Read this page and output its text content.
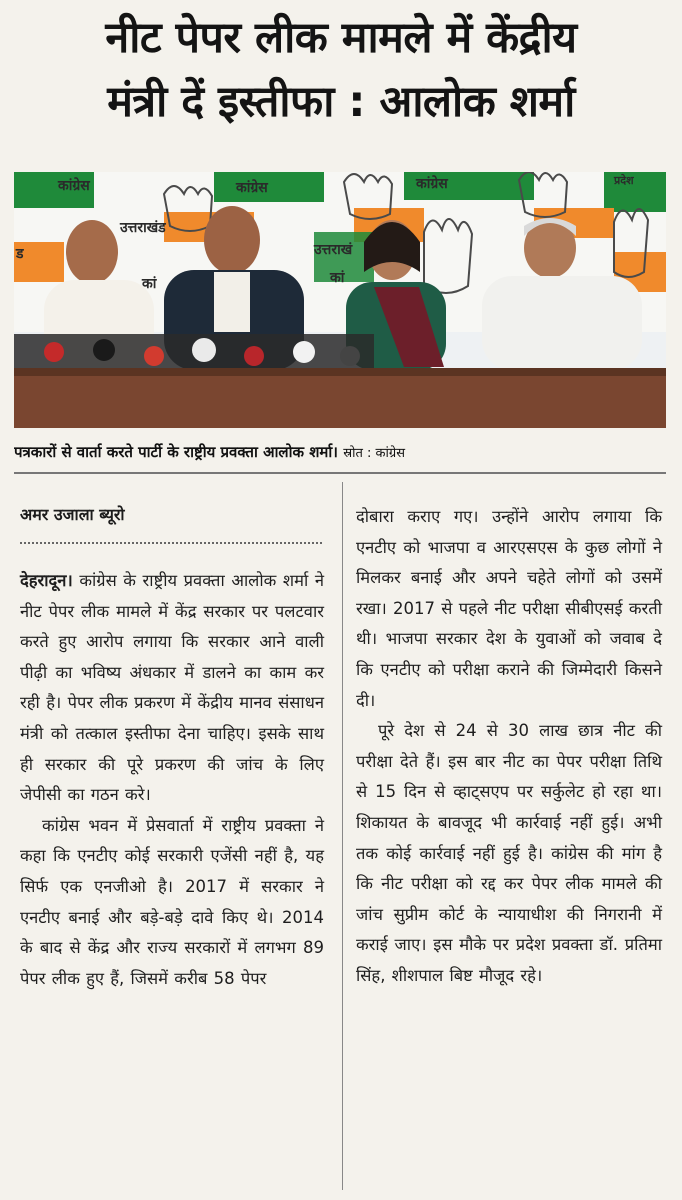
नीट पेपर लीक मामले में केंद्रीय
मंत्री दें इस्तीफा : आलोक शर्मा
कांग्रेस	कांग्रेस	कांग्रेस
उत्तराखंड
कां
उत्तराखं
कां
प्रदेश
ड
पत्रकारों से वार्ता करते पार्टी के राष्ट्रीय प्रवक्ता आलोक शर्मा। स्रोत : कांग्रेस
अमर उजाला ब्यूरो

देहरादून। कांग्रेस के राष्ट्रीय प्रवक्ता आलोक शर्मा ने नीट पेपर लीक मामले में केंद्र सरकार पर पलटवार करते हुए आरोप लगाया कि सरकार आने वाली पीढ़ी का भविष्य अंधकार में डालने का काम कर रही है। पेपर लीक प्रकरण में केंद्रीय मानव संसाधन मंत्री को तत्काल इस्तीफा देना चाहिए। इसके साथ ही सरकार की पूरे प्रकरण की जांच के लिए जेपीसी का गठन करे।

कांग्रेस भवन में प्रेसवार्ता में राष्ट्रीय प्रवक्ता ने कहा कि एनटीए कोई सरकारी एजेंसी नहीं है, यह सिर्फ एक एनजीओ है। 2017 में सरकार ने एनटीए बनाई और बड़े-बड़े दावे किए थे। 2014 के बाद से केंद्र और राज्य सरकारों में लगभग 89 पेपर लीक हुए हैं, जिसमें करीब 58 पेपर

दोबारा कराए गए। उन्होंने आरोप लगाया कि एनटीए को भाजपा व आरएसएस के कुछ लोगों ने मिलकर बनाई और अपने चहेते लोगों को उसमें रखा। 2017 से पहले नीट परीक्षा सीबीएसई करती थी। भाजपा सरकार देश के युवाओं को जवाब दे कि एनटीए को परीक्षा कराने की जिम्मेदारी किसने दी।

पूरे देश से 24 से 30 लाख छात्र नीट की परीक्षा देते हैं। इस बार नीट का पेपर परीक्षा तिथि से 15 दिन से व्हाट्सएप पर सर्कुलेट हो रहा था। शिकायत के बावजूद भी कार्रवाई नहीं हुई। अभी तक कोई कार्रवाई नहीं हुई है। कांग्रेस की मांग है कि नीट परीक्षा को रद्द कर पेपर लीक मामले की जांच सुप्रीम कोर्ट के न्यायाधीश की निगरानी में कराई जाए। इस मौके पर प्रदेश प्रवक्ता डॉ. प्रतिमा सिंह, शीशपाल बिष्ट मौजूद रहे।
